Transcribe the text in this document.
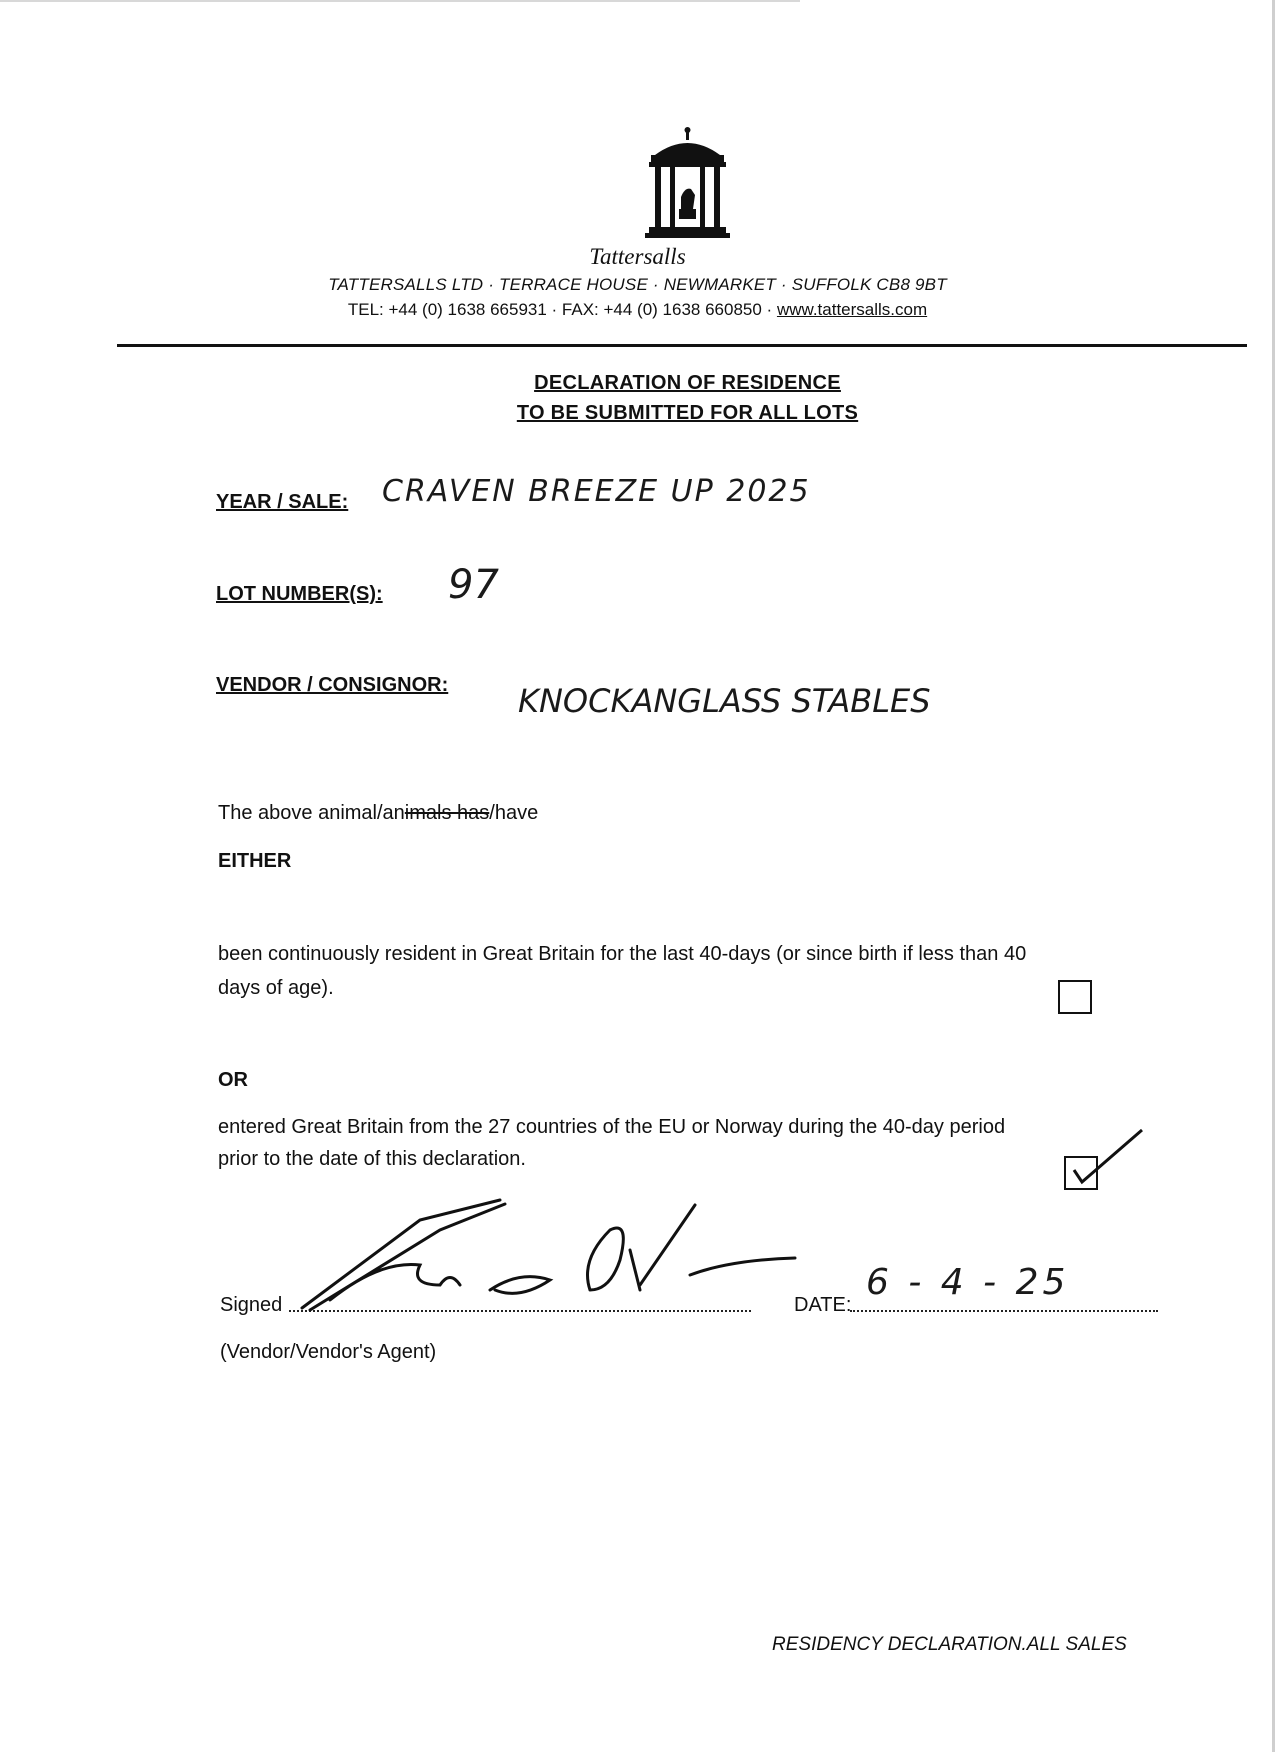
Tattersalls
TATTERSALLS LTD · TERRACE HOUSE · NEWMARKET · SUFFOLK CB8 9BT
TEL: +44 (0) 1638 665931 · FAX: +44 (0) 1638 660850 · www.tattersalls.com
DECLARATION OF RESIDENCE
TO BE SUBMITTED FOR ALL LOTS
YEAR / SALE: CRAVEN BREEZE UP 2025
LOT NUMBER(S): 97
VENDOR / CONSIGNOR: KNOCKANGLASS STABLES
The above animal/animals has/have
EITHER
been continuously resident in Great Britain for the last 40-days (or since birth if less than 40
days of age).
OR
entered Great Britain from the 27 countries of the EU or Norway during the 40-day period
prior to the date of this declaration.
Signed	DATE:
6 - 4 - 25
(Vendor/Vendor's Agent)
RESIDENCY DECLARATION.ALL SALES
